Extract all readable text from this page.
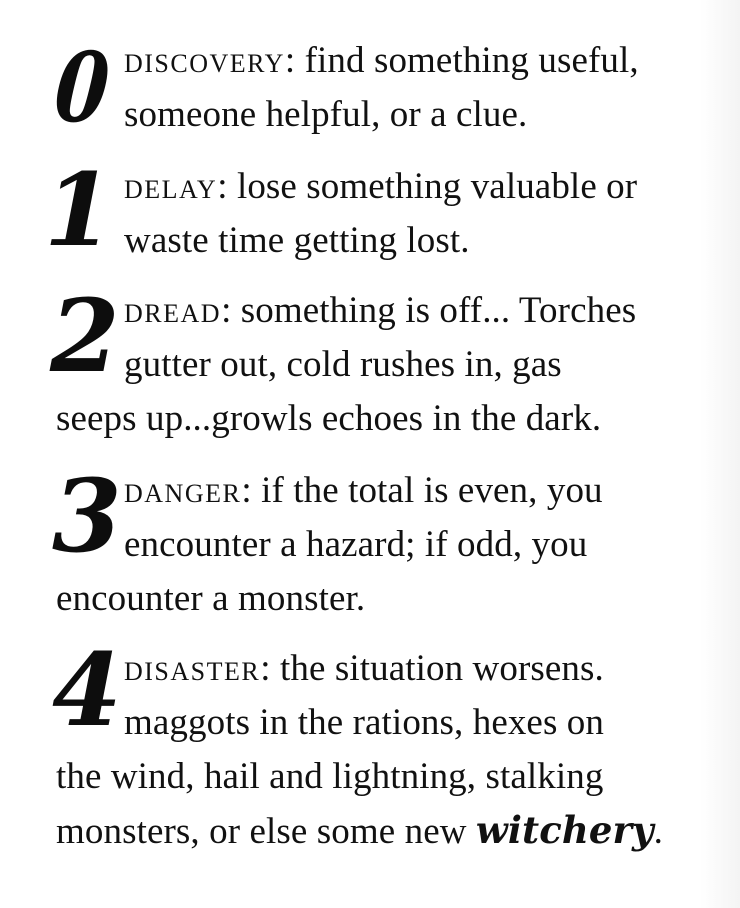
0 discovery: find something useful,
someone helpful, or a clue.
1 delay: lose something valuable or
waste time getting lost.
2 dread: something is off... Torches
gutter out, cold rushes in, gas
seeps up...growls echoes in the dark.
3 danger: if the total is even, you
encounter a hazard; if odd, you
encounter a monster.
4 disaster: the situation worsens.
maggots in the rations, hexes on
the wind, hail and lightning, stalking
monsters, or else some new witchery.
